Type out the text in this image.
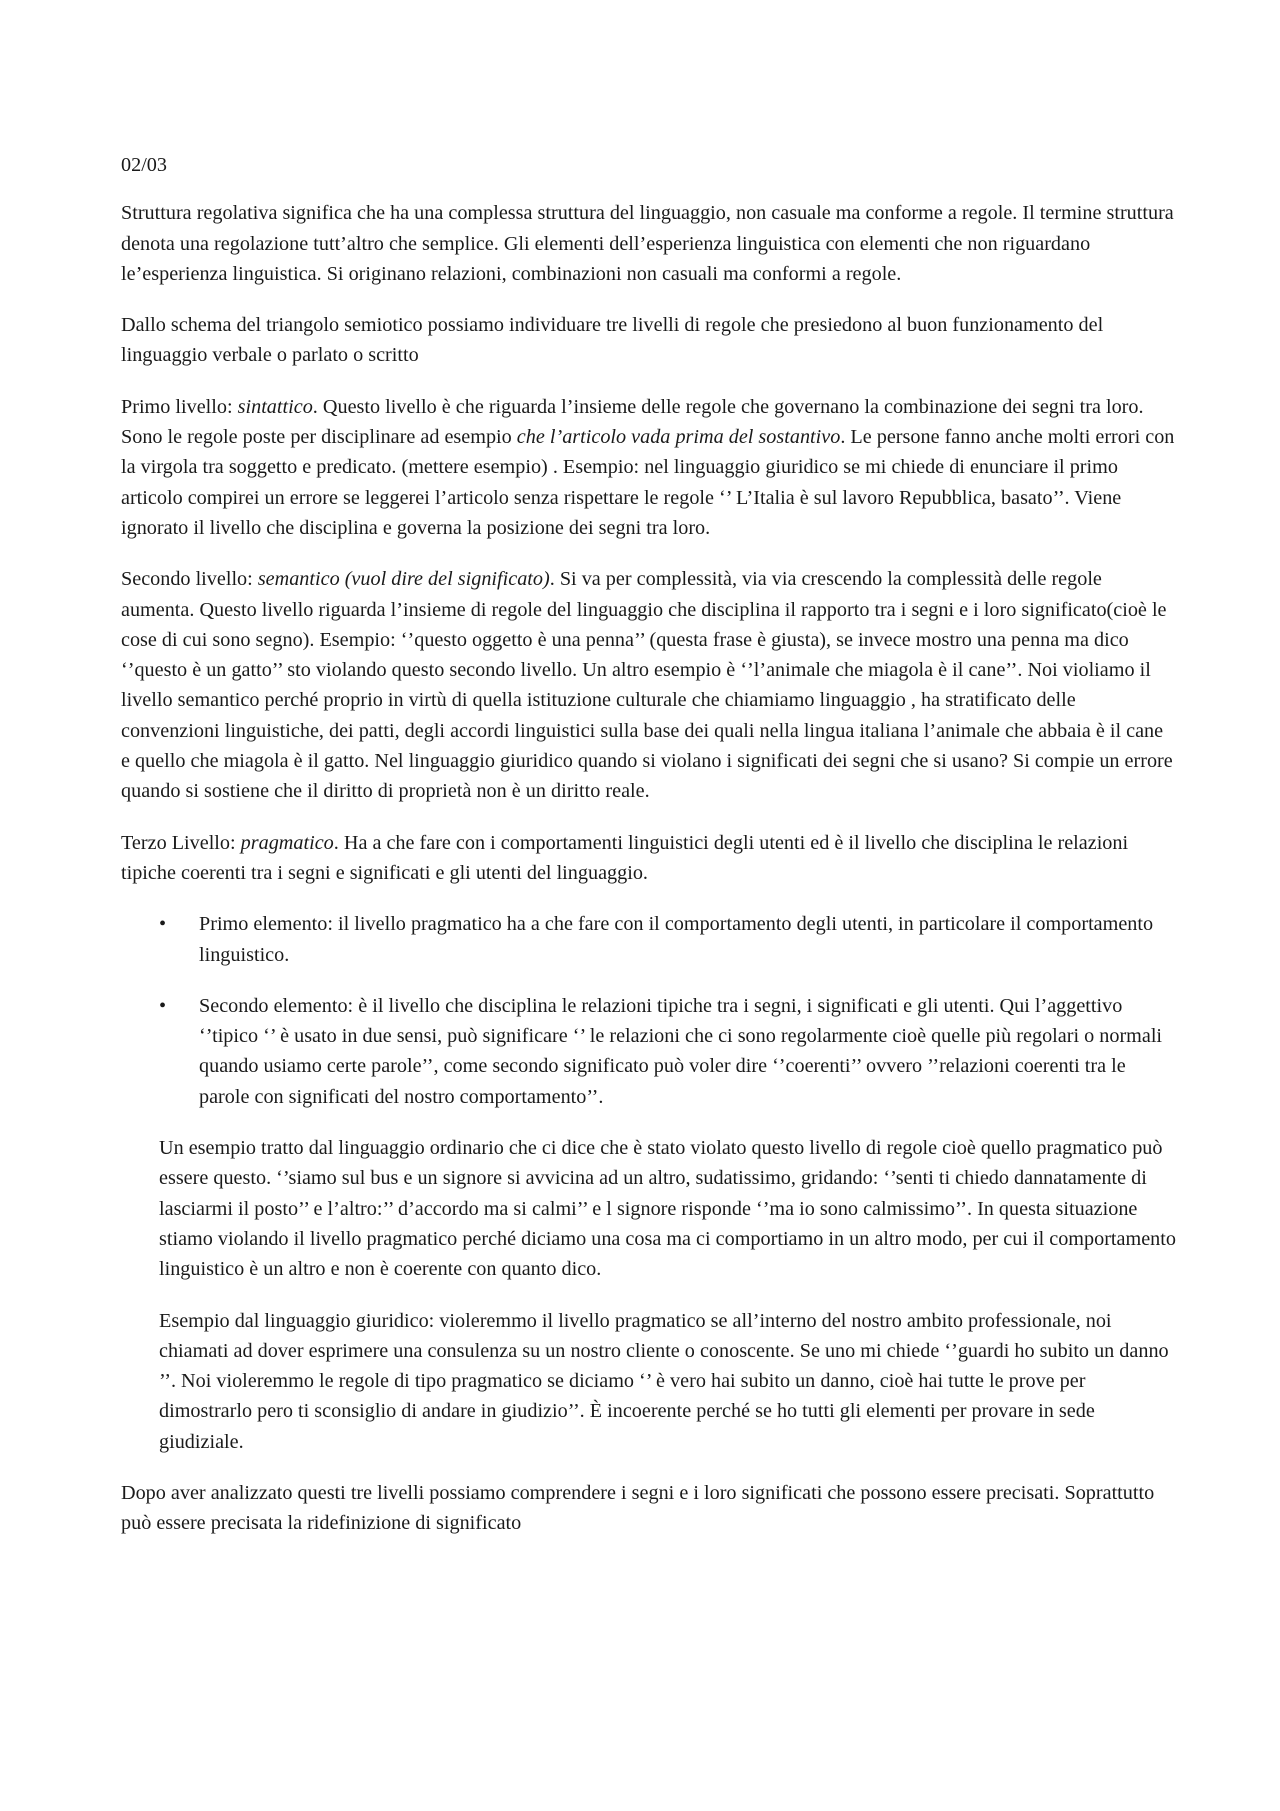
02/03

Struttura regolativa significa che ha una complessa struttura del linguaggio, non casuale ma conforme a regole. Il termine struttura denota una regolazione tutt’altro che semplice. Gli elementi dell’esperienza linguistica con elementi che non riguardano le’esperienza linguistica. Si originano relazioni, combinazioni non casuali ma conformi a regole.

Dallo schema del triangolo semiotico possiamo individuare tre livelli di regole che presiedono al buon funzionamento del linguaggio verbale o parlato o scritto

Primo livello: sintattico. Questo livello è che riguarda l’insieme delle regole che governano la combinazione dei segni tra loro. Sono le regole poste per disciplinare ad esempio che l’articolo vada prima del sostantivo. Le persone fanno anche molti errori con la virgola tra soggetto e predicato. (mettere esempio) . Esempio: nel linguaggio giuridico se mi chiede di enunciare il primo articolo compirei un errore se leggerei l’articolo senza rispettare le regole ‘’ L’Italia è sul lavoro Repubblica, basato’’. Viene ignorato il livello che disciplina e governa la posizione dei segni tra loro.

Secondo livello: semantico (vuol dire del significato). Si va per complessità, via via crescendo la complessità delle regole aumenta. Questo livello riguarda l’insieme di regole del linguaggio che disciplina il rapporto tra i segni e i loro significato(cioè le cose di cui sono segno). Esempio: ‘’questo oggetto è una penna’’ (questa frase è giusta), se invece mostro una penna ma dico ‘’questo è un gatto’’ sto violando questo secondo livello. Un altro esempio è ‘’l’animale che miagola è il cane’’. Noi violiamo il livello semantico perché proprio in virtù di quella istituzione culturale che chiamiamo linguaggio , ha stratificato delle convenzioni linguistiche, dei patti, degli accordi linguistici sulla base dei quali nella lingua italiana l’animale che abbaia è il cane e quello che miagola è il gatto. Nel linguaggio giuridico quando si violano i significati dei segni che si usano? Si compie un errore quando si sostiene che il diritto di proprietà non è un diritto reale.

Terzo Livello: pragmatico. Ha a che fare con i comportamenti linguistici degli utenti ed è il livello che disciplina le relazioni tipiche coerenti tra i segni e significati e gli utenti del linguaggio.

• Primo elemento: il livello pragmatico ha a che fare con il comportamento degli utenti, in particolare il comportamento linguistico.
• Secondo elemento: è il livello che disciplina le relazioni tipiche tra i segni, i significati e gli utenti. Qui l’aggettivo ‘’tipico ‘’ è usato in due sensi, può significare ‘’ le relazioni che ci sono regolarmente cioè quelle più regolari o normali quando usiamo certe parole’’, come secondo significato può voler dire ‘’coerenti’’ ovvero ’’relazioni coerenti tra le parole con significati del nostro comportamento’’.

Un esempio tratto dal linguaggio ordinario che ci dice che è stato violato questo livello di regole cioè quello pragmatico può essere questo. ‘’siamo sul bus e un signore si avvicina ad un altro, sudatissimo, gridando: ‘’senti ti chiedo dannatamente di lasciarmi il posto’’ e l’altro:’’ d’accordo ma si calmi’’ e l signore risponde ‘’ma io sono calmissimo’’. In questa situazione stiamo violando il livello pragmatico perché diciamo una cosa ma ci comportiamo in un altro modo, per cui il comportamento linguistico è un altro e non è coerente con quanto dico.

Esempio dal linguaggio giuridico: violeremmo il livello pragmatico se all’interno del nostro ambito professionale, noi chiamati ad dover esprimere una consulenza su un nostro cliente o conoscente. Se uno mi chiede ‘’guardi ho subito un danno ’’. Noi violeremmo le regole di tipo pragmatico se diciamo ‘’ è vero hai subito un danno, cioè hai tutte le prove per dimostrarlo pero ti sconsiglio di andare in giudizio’’. È incoerente perché se ho tutti gli elementi per provare in sede giudiziale.

Dopo aver analizzato questi tre livelli possiamo comprendere i segni e i loro significati che possono essere precisati. Soprattutto può essere precisata la ridefinizione di significato
